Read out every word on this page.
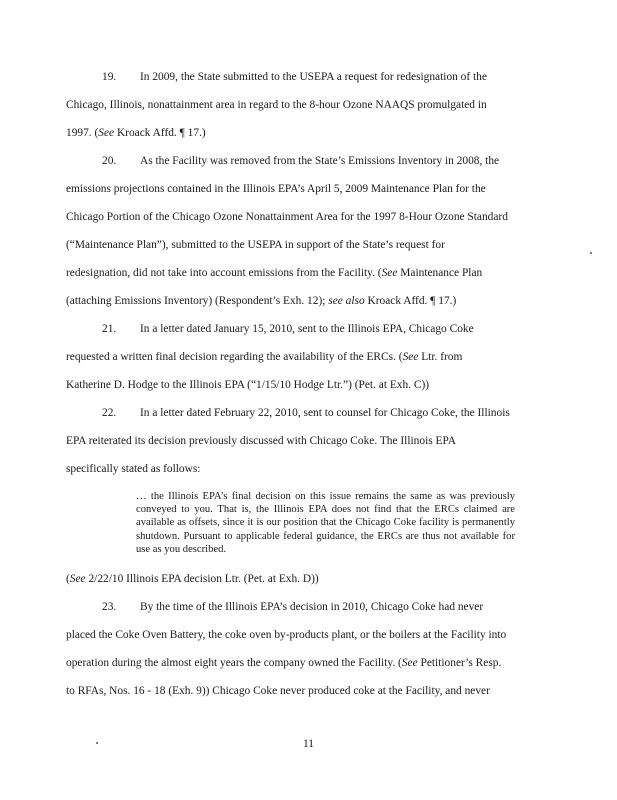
19. In 2009, the State submitted to the USEPA a request for redesignation of the
Chicago, Illinois, nonattainment area in regard to the 8-hour Ozone NAAQS promulgated in
1997. (See Kroack Affd. ¶ 17.)
20. As the Facility was removed from the State’s Emissions Inventory in 2008, the
emissions projections contained in the Illinois EPA’s April 5, 2009 Maintenance Plan for the
Chicago Portion of the Chicago Ozone Nonattainment Area for the 1997 8-Hour Ozone Standard
(“Maintenance Plan”), submitted to the USEPA in support of the State’s request for
redesignation, did not take into account emissions from the Facility. (See Maintenance Plan
(attaching Emissions Inventory) (Respondent’s Exh. 12); see also Kroack Affd. ¶ 17.)
21. In a letter dated January 15, 2010, sent to the Illinois EPA, Chicago Coke
requested a written final decision regarding the availability of the ERCs. (See Ltr. from
Katherine D. Hodge to the Illinois EPA (“1/15/10 Hodge Ltr.”) (Pet. at Exh. C))
22. In a letter dated February 22, 2010, sent to counsel for Chicago Coke, the Illinois
EPA reiterated its decision previously discussed with Chicago Coke. The Illinois EPA
specifically stated as follows:
… the Illinois EPA’s final decision on this issue remains the same as was previously conveyed to you. That is, the Illinois EPA does not find that the ERCs claimed are available as offsets, since it is our position that the Chicago Coke facility is permanently shutdown. Pursuant to applicable federal guidance, the ERCs are thus not available for use as you described.
(See 2/22/10 Illinois EPA decision Ltr. (Pet. at Exh. D))
23. By the time of the Illinois EPA’s decision in 2010, Chicago Coke had never
placed the Coke Oven Battery, the coke oven by-products plant, or the boilers at the Facility into
operation during the almost eight years the company owned the Facility. (See Petitioner’s Resp.
to RFAs, Nos. 16 - 18 (Exh. 9)) Chicago Coke never produced coke at the Facility, and never
11
